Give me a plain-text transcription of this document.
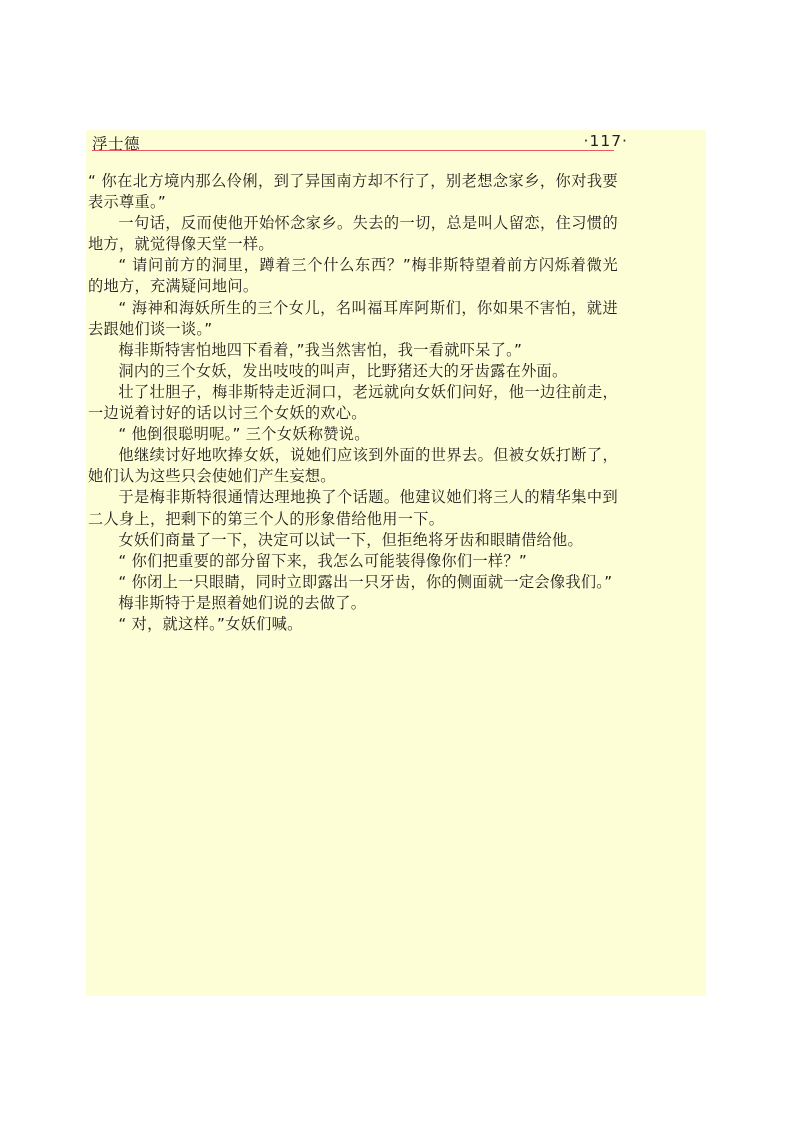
浮士德	·117·

“ 你在北方境内那么伶俐，到了异国南方却不行了，别老想念家乡，你对我要表示尊重。”

一句话，反而使他开始怀念家乡。失去的一切，总是叫人留恋，住习惯的地方，就觉得像天堂一样。

“ 请问前方的洞里，蹲着三个什么东西？”梅非斯特望着前方闪烁着微光的地方，充满疑问地问。

“ 海神和海妖所生的三个女儿，名叫福耳库阿斯们，你如果不害怕，就进去跟她们谈一谈。”

梅非斯特害怕地四下看着，”我当然害怕，我一看就吓呆了。”

洞内的三个女妖，发出吱吱的叫声，比野猪还大的牙齿露在外面。

壮了壮胆子，梅非斯特走近洞口，老远就向女妖们问好，他一边往前走，一边说着讨好的话以讨三个女妖的欢心。

“ 他倒很聪明呢。” 三个女妖称赞说。

他继续讨好地吹捧女妖，说她们应该到外面的世界去。但被女妖打断了，她们认为这些只会使她们产生妄想。

于是梅非斯特很通情达理地换了个话题。他建议她们将三人的精华集中到二人身上，把剩下的第三个人的形象借给他用一下。

女妖们商量了一下，决定可以试一下，但拒绝将牙齿和眼睛借给他。

“ 你们把重要的部分留下来，我怎么可能装得像你们一样？”

“ 你闭上一只眼睛，同时立即露出一只牙齿，你的侧面就一定会像我们。”

梅非斯特于是照着她们说的去做了。

“ 对，就这样。”女妖们喊。
